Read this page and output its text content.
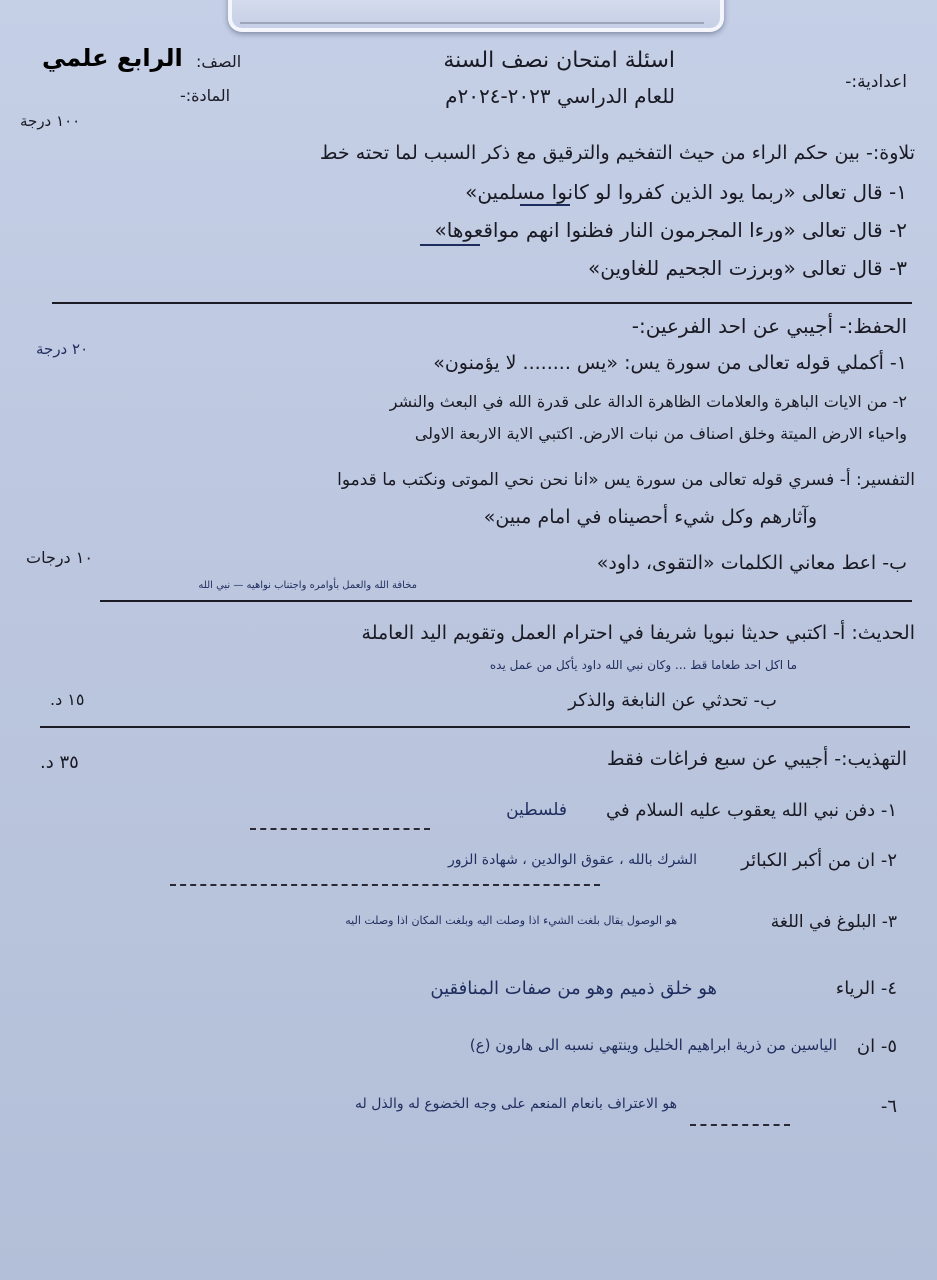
الرابع علمي
اعدادية:-
اسئلة امتحان نصف السنة
للعام الدراسي ٢٠٢٣-٢٠٢٤م
الصف:
المادة:-
١٠٠ درجة
تلاوة:- بين حكم الراء من حيث التفخيم والترقيق مع ذكر السبب لما تحته خط
١- قال تعالى «ربما يود الذين كفروا لو كانوا مسلمين»
٢- قال تعالى «ورءا المجرمون النار فظنوا انهم مواقعوها»
٣- قال تعالى «وبرزت الجحيم للغاوين»
الحفظ:- أجيبي عن احد الفرعين:-
٢٠ درجة
١- أكملي قوله تعالى من سورة يس: «يس ........ لا يؤمنون»
٢- من الايات الباهرة والعلامات الظاهرة الدالة على قدرة الله في البعث والنشر
واحياء الارض الميتة وخلق اصناف من نبات الارض. اكتبي الاية الاربعة الاولى
التفسير: أ- فسري قوله تعالى من سورة يس «انا نحن نحي الموتى ونكتب ما قدموا
وآثارهم وكل شيء أحصيناه في امام مبين»
ب- اعط معاني الكلمات «التقوى، داود»
مخافة الله والعمل بأوامره واجتناب نواهيه — نبي الله
١٠ درجات
الحديث: أ- اكتبي حديثا نبويا شريفا في احترام العمل وتقويم اليد العاملة
ما اكل احد طعاما قط ... وكان نبي الله داود يأكل من عمل يده
ب- تحدثي عن النابغة والذكر
١٥ د.
التهذيب:- أجيبي عن سبع فراغات فقط
٣٥ د.
١- دفن نبي الله يعقوب عليه السلام في
فلسطين
٢- ان من أكبر الكبائر
الشرك بالله ، عقوق الوالدين ، شهادة الزور
٣- البلوغ في اللغة
هو الوصول يقال بلغت الشيء اذا وصلت اليه وبلغت المكان اذا وصلت اليه
٤- الرياء
هو خلق ذميم وهو من صفات المنافقين
٥- ان
الياسين من ذرية ابراهيم الخليل وينتهي نسبه الى هارون (ع)
٦-
هو الاعتراف بانعام المنعم على وجه الخضوع له والذل له
